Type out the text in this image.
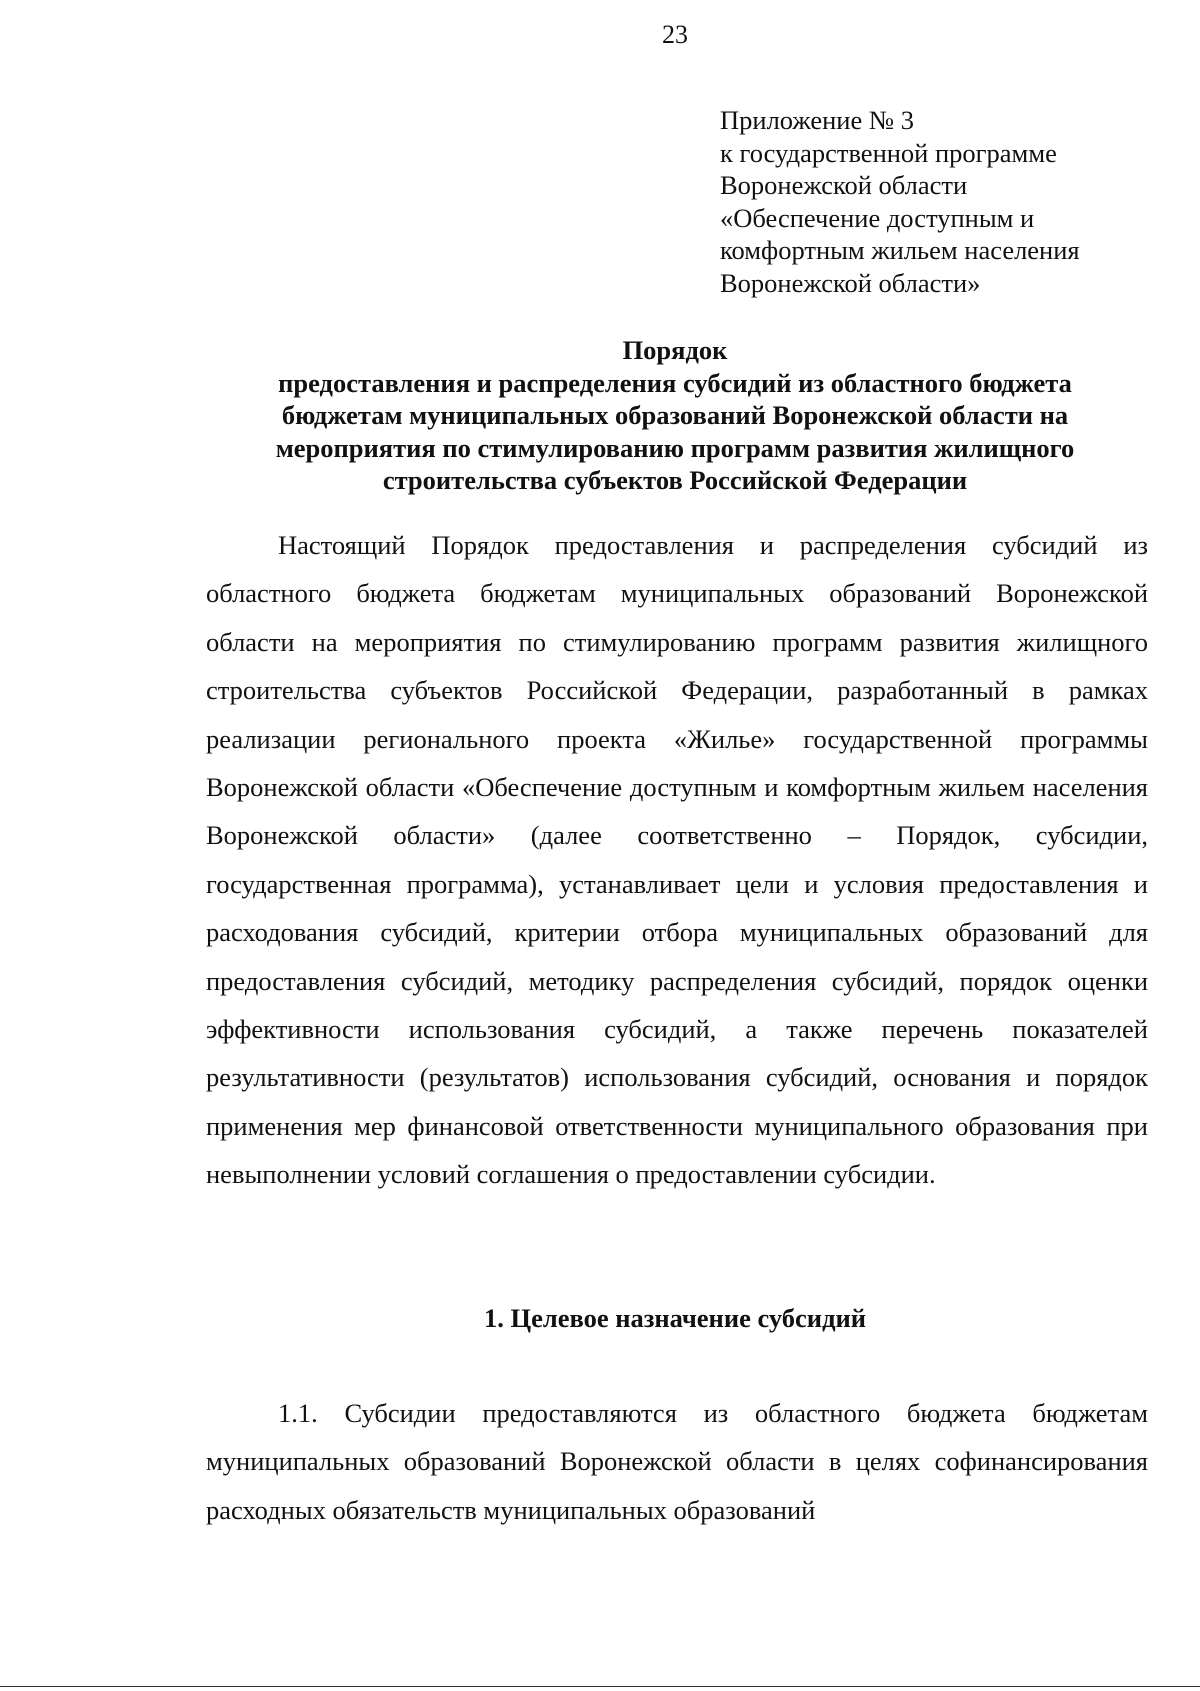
23
Приложение № 3
к государственной программе
Воронежской области
«Обеспечение доступным и
комфортным жильем населения
Воронежской области»
Порядок
предоставления и распределения субсидий из областного бюджета
бюджетам муниципальных образований Воронежской области на
мероприятия по стимулированию программ развития жилищного
строительства субъектов Российской Федерации

Настоящий Порядок предоставления и распределения субсидий из областного бюджета бюджетам муниципальных образований Воронежской области на мероприятия по стимулированию программ развития жилищного строительства субъектов Российской Федерации, разработанный в рамках реализации регионального проекта «Жилье» государственной программы Воронежской области «Обеспечение доступным и комфортным жильем населения Воронежской области» (далее соответственно – Порядок, субсидии, государственная программа), устанавливает цели и условия предоставления и расходования субсидий, критерии отбора муниципальных образований для предоставления субсидий, методику распределения субсидий, порядок оценки эффективности использования субсидий, а также перечень показателей результативности (результатов) использования субсидий, основания и порядок применения мер финансовой ответственности муниципального образования при невыполнении условий соглашения о предоставлении субсидии.

1. Целевое назначение субсидий

1.1. Субсидии предоставляются из областного бюджета бюджетам муниципальных образований Воронежской области в целях софинансирования расходных обязательств муниципальных образований
